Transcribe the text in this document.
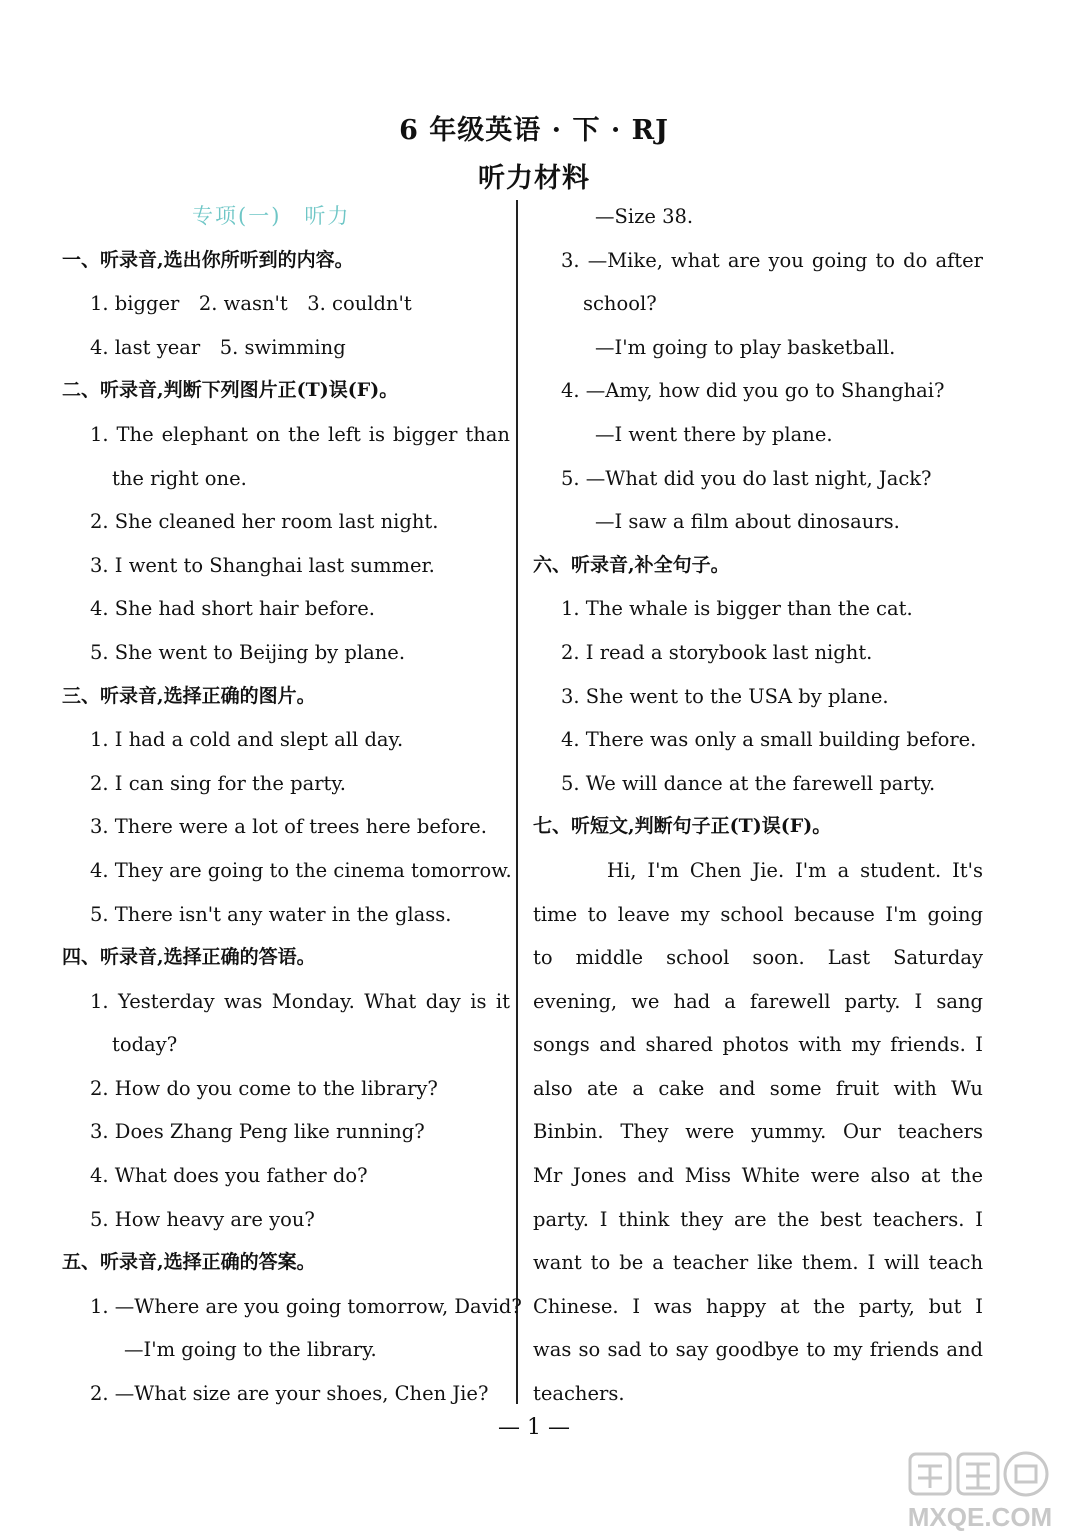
6 年级英语 · 下 · RJ
听力材料
专项(一)　听力
一、听录音,选出你所听到的内容。
1. bigger　2. wasn't　3. couldn't
4. last year　5. swimming
二、听录音,判断下列图片正(T)误(F)。
1. The elephant on the left is bigger than
the right one.
2. She cleaned her room last night.
3. I went to Shanghai last summer.
4. She had short hair before.
5. She went to Beijing by plane.
三、听录音,选择正确的图片。
1. I had a cold and slept all day.
2. I can sing for the party.
3. There were a lot of trees here before.
4. They are going to the cinema tomorrow.
5. There isn't any water in the glass.
四、听录音,选择正确的答语。
1. Yesterday was Monday. What day is it
today?
2. How do you come to the library?
3. Does Zhang Peng like running?
4. What does you father do?
5. How heavy are you?
五、听录音,选择正确的答案。
1. —Where are you going tomorrow, David?
—I'm going to the library.
2. —What size are your shoes, Chen Jie?
—Size 38.
3. —Mike, what are you going to do after
school?
—I'm going to play basketball.
4. —Amy, how did you go to Shanghai?
—I went there by plane.
5. —What did you do last night, Jack?
—I saw a film about dinosaurs.
六、听录音,补全句子。
1. The whale is bigger than the cat.
2. I read a storybook last night.
3. She went to the USA by plane.
4. There was only a small building before.
5. We will dance at the farewell party.
七、听短文,判断句子正(T)误(F)。
Hi, I'm Chen Jie. I'm a student. It's
time to leave my school because I'm going
to middle school soon. Last Saturday
evening, we had a farewell party. I sang
songs and shared photos with my friends. I
also ate a cake and some fruit with Wu
Binbin. They were yummy. Our teachers
Mr Jones and Miss White were also at the
party. I think they are the best teachers. I
want to be a teacher like them. I will teach
Chinese. I was happy at the party, but I
was so sad to say goodbye to my friends and
teachers.
— 1 —
MXQE.COM
